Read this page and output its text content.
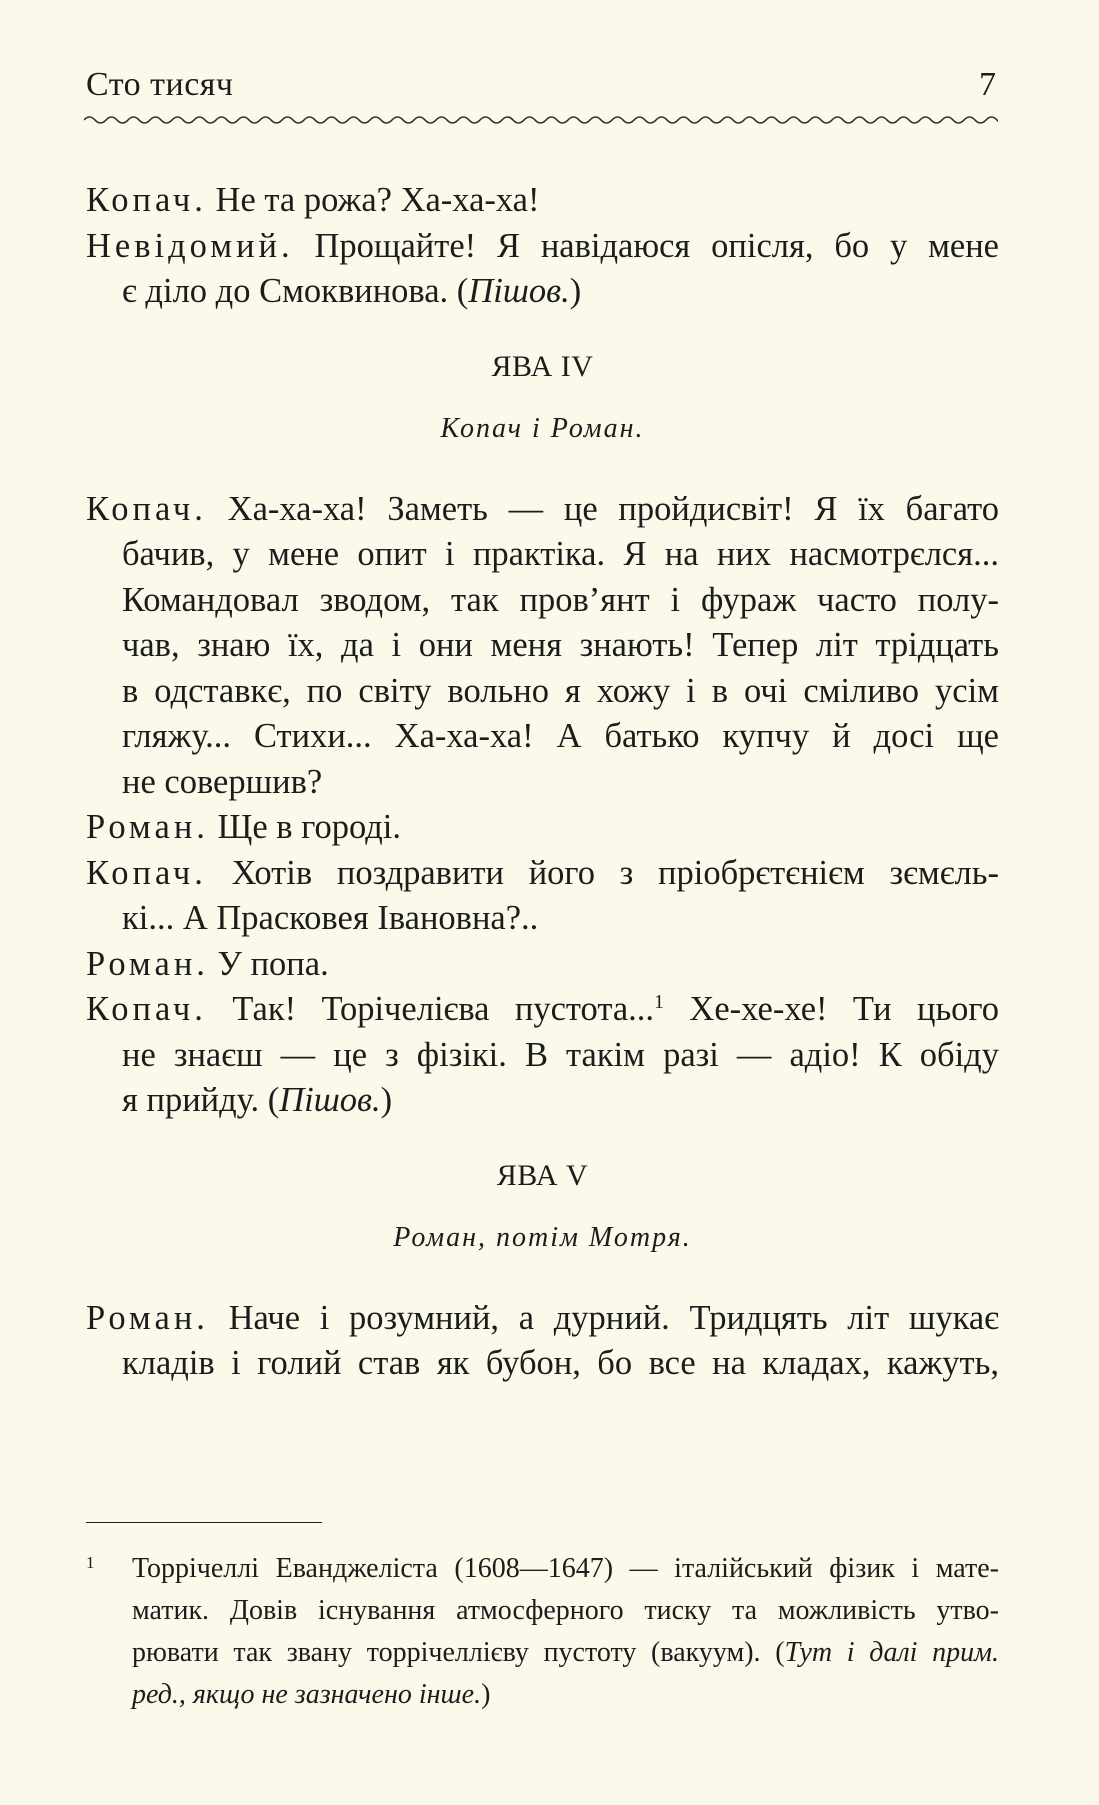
Сто тисяч	7
Копач. Не та рожа? Ха-ха-ха!
Невідомий. Прощайте! Я навідаюся опісля, бо у мене
є діло до Смоквинова. (Пішов.)
ЯВА IV
Копач і Роман.
Копач. Ха-ха-ха! Заметь — це пройдисвіт! Я їх багато
бачив, у мене опит і практіка. Я на них насмотрєлся...
Командовал зводом, так пров’янт і фураж часто полу-
чав, знаю їх, да і они меня знають! Тепер літ трідцать
в одставкє, по світу вольно я хожу і в очі сміливо усім
гляжу... Стихи... Ха-ха-ха! А батько купчу й досі ще
не совершив?
Роман. Ще в городі.
Копач. Хотів поздравити його з пріобрєтєнієм зємєль-
кі... А Прасковея Івановна?..
Роман. У попа.
Копач. Так! Торічелієва пустота...$^1$ Хе-хе-хе! Ти цього
не знаєш — це з фізікі. В такім разі — адіо! К обіду
я прийду. (Пішов.)
ЯВА V
Роман, потім Мотря.
Роман. Наче і розумний, а дурний. Тридцять літ шукає
кладів і голий став як бубон, бо все на кладах, кажуть,
1 Торрічеллі Еванджеліста (1608—1647) — італійський фізик і мате-
матик. Довів існування атмосферного тиску та можливість утво-
рювати так звану торрічеллієву пустоту (вакуум). (Тут і далі прим.
ред., якщо не зазначено інше.)
